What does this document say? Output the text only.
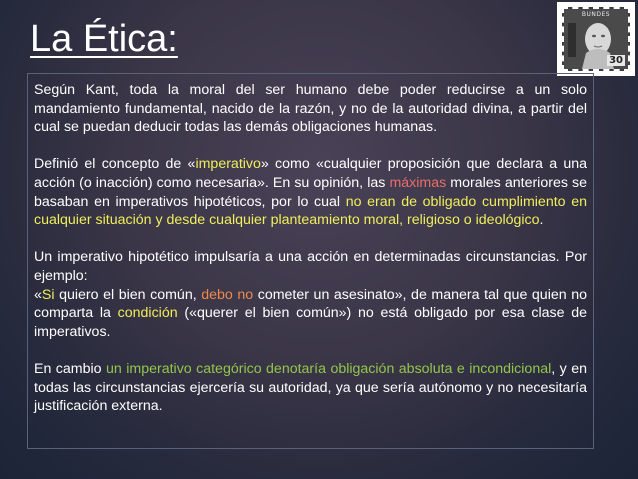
La Ética:
BUNDES
30

Según Kant, toda la moral del ser humano debe poder reducirse a un solo mandamiento fundamental, nacido de la razón, y no de la autoridad divina, a partir del cual se puedan deducir todas las demás obligaciones humanas.

Definió el concepto de «imperativo» como «cualquier proposición que declara a una acción (o inacción) como necesaria». En su opinión, las máximas morales anteriores se basaban en imperativos hipotéticos, por lo cual no eran de obligado cumplimiento en cualquier situación y desde cualquier planteamiento moral, religioso o ideológico.

Un imperativo hipotético impulsaría a una acción en determinadas circunstancias. Por ejemplo:
«Si quiero el bien común, debo no cometer un asesinato», de manera tal que quien no comparta la condición («querer el bien común») no está obligado por esa clase de imperativos.

En cambio un imperativo categórico denotaría obligación absoluta e incondicional, y en todas las circunstancias ejercería su autoridad, ya que sería autónomo y no necesitaría justificación externa.
